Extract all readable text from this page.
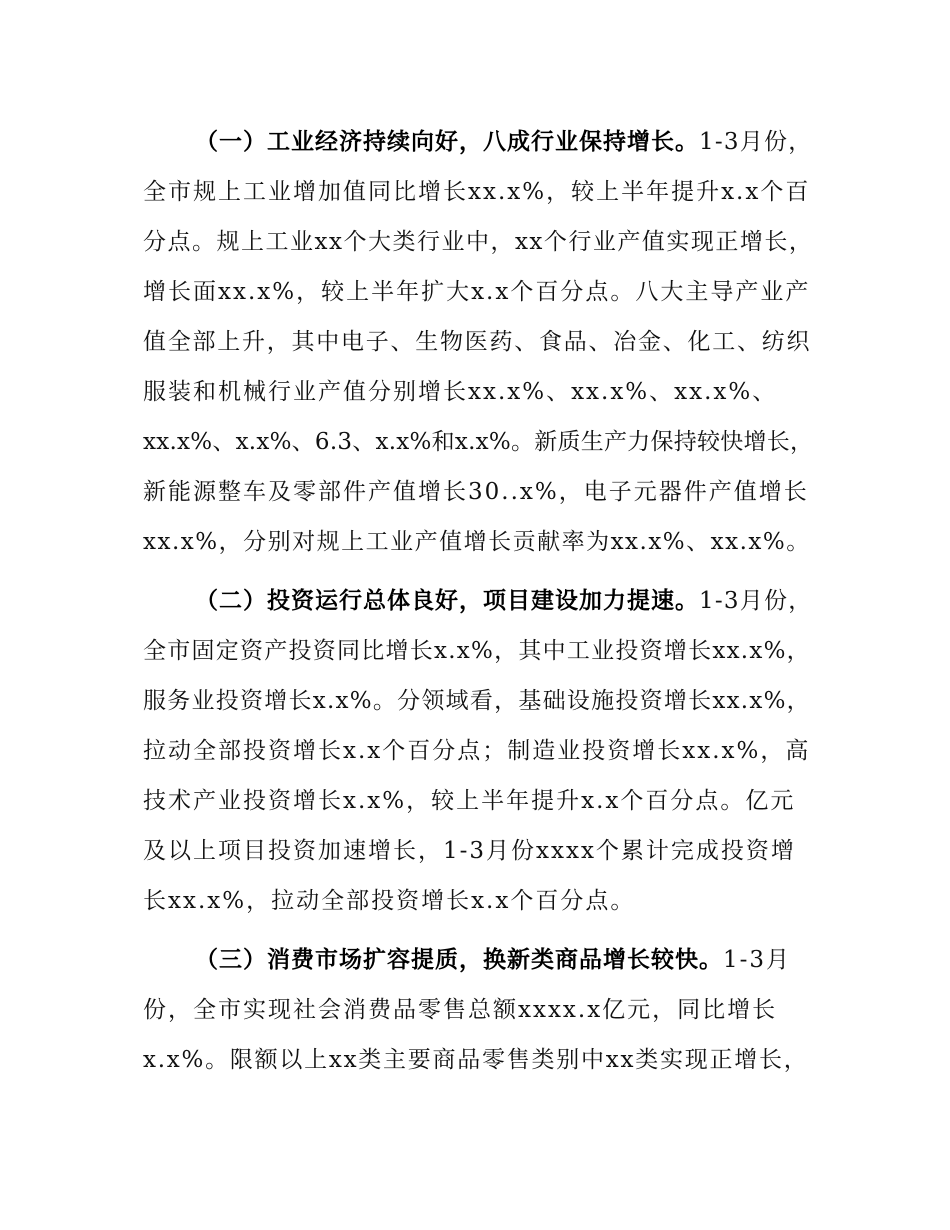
（一）工业经济持续向好，八成行业保持增长。1-3月份，
全市规上工业增加值同比增长xx.x%，较上半年提升x.x个百
分点。规上工业xx个大类行业中，xx个行业产值实现正增长，
增长面xx.x%，较上半年扩大x.x个百分点。八大主导产业产
值全部上升，其中电子、生物医药、食品、冶金、化工、纺织
服装和机械行业产值分别增长xx.x%、xx.x%、xx.x%、
xx.x%、x.x%、6.3、x.x%和x.x%。新质生产力保持较快增长，
新能源整车及零部件产值增长30..x%，电子元器件产值增长
xx.x%，分别对规上工业产值增长贡献率为xx.x%、xx.x%。
（二）投资运行总体良好，项目建设加力提速。1-3月份，
全市固定资产投资同比增长x.x%，其中工业投资增长xx.x%，
服务业投资增长x.x%。分领域看，基础设施投资增长xx.x%，
拉动全部投资增长x.x个百分点；制造业投资增长xx.x%，高
技术产业投资增长x.x%，较上半年提升x.x个百分点。亿元
及以上项目投资加速增长，1-3月份xxxx个累计完成投资增
长xx.x%，拉动全部投资增长x.x个百分点。
（三）消费市场扩容提质，换新类商品增长较快。1-3月
份，全市实现社会消费品零售总额xxxx.x亿元，同比增长
x.x%。限额以上xx类主要商品零售类别中xx类实现正增长，
